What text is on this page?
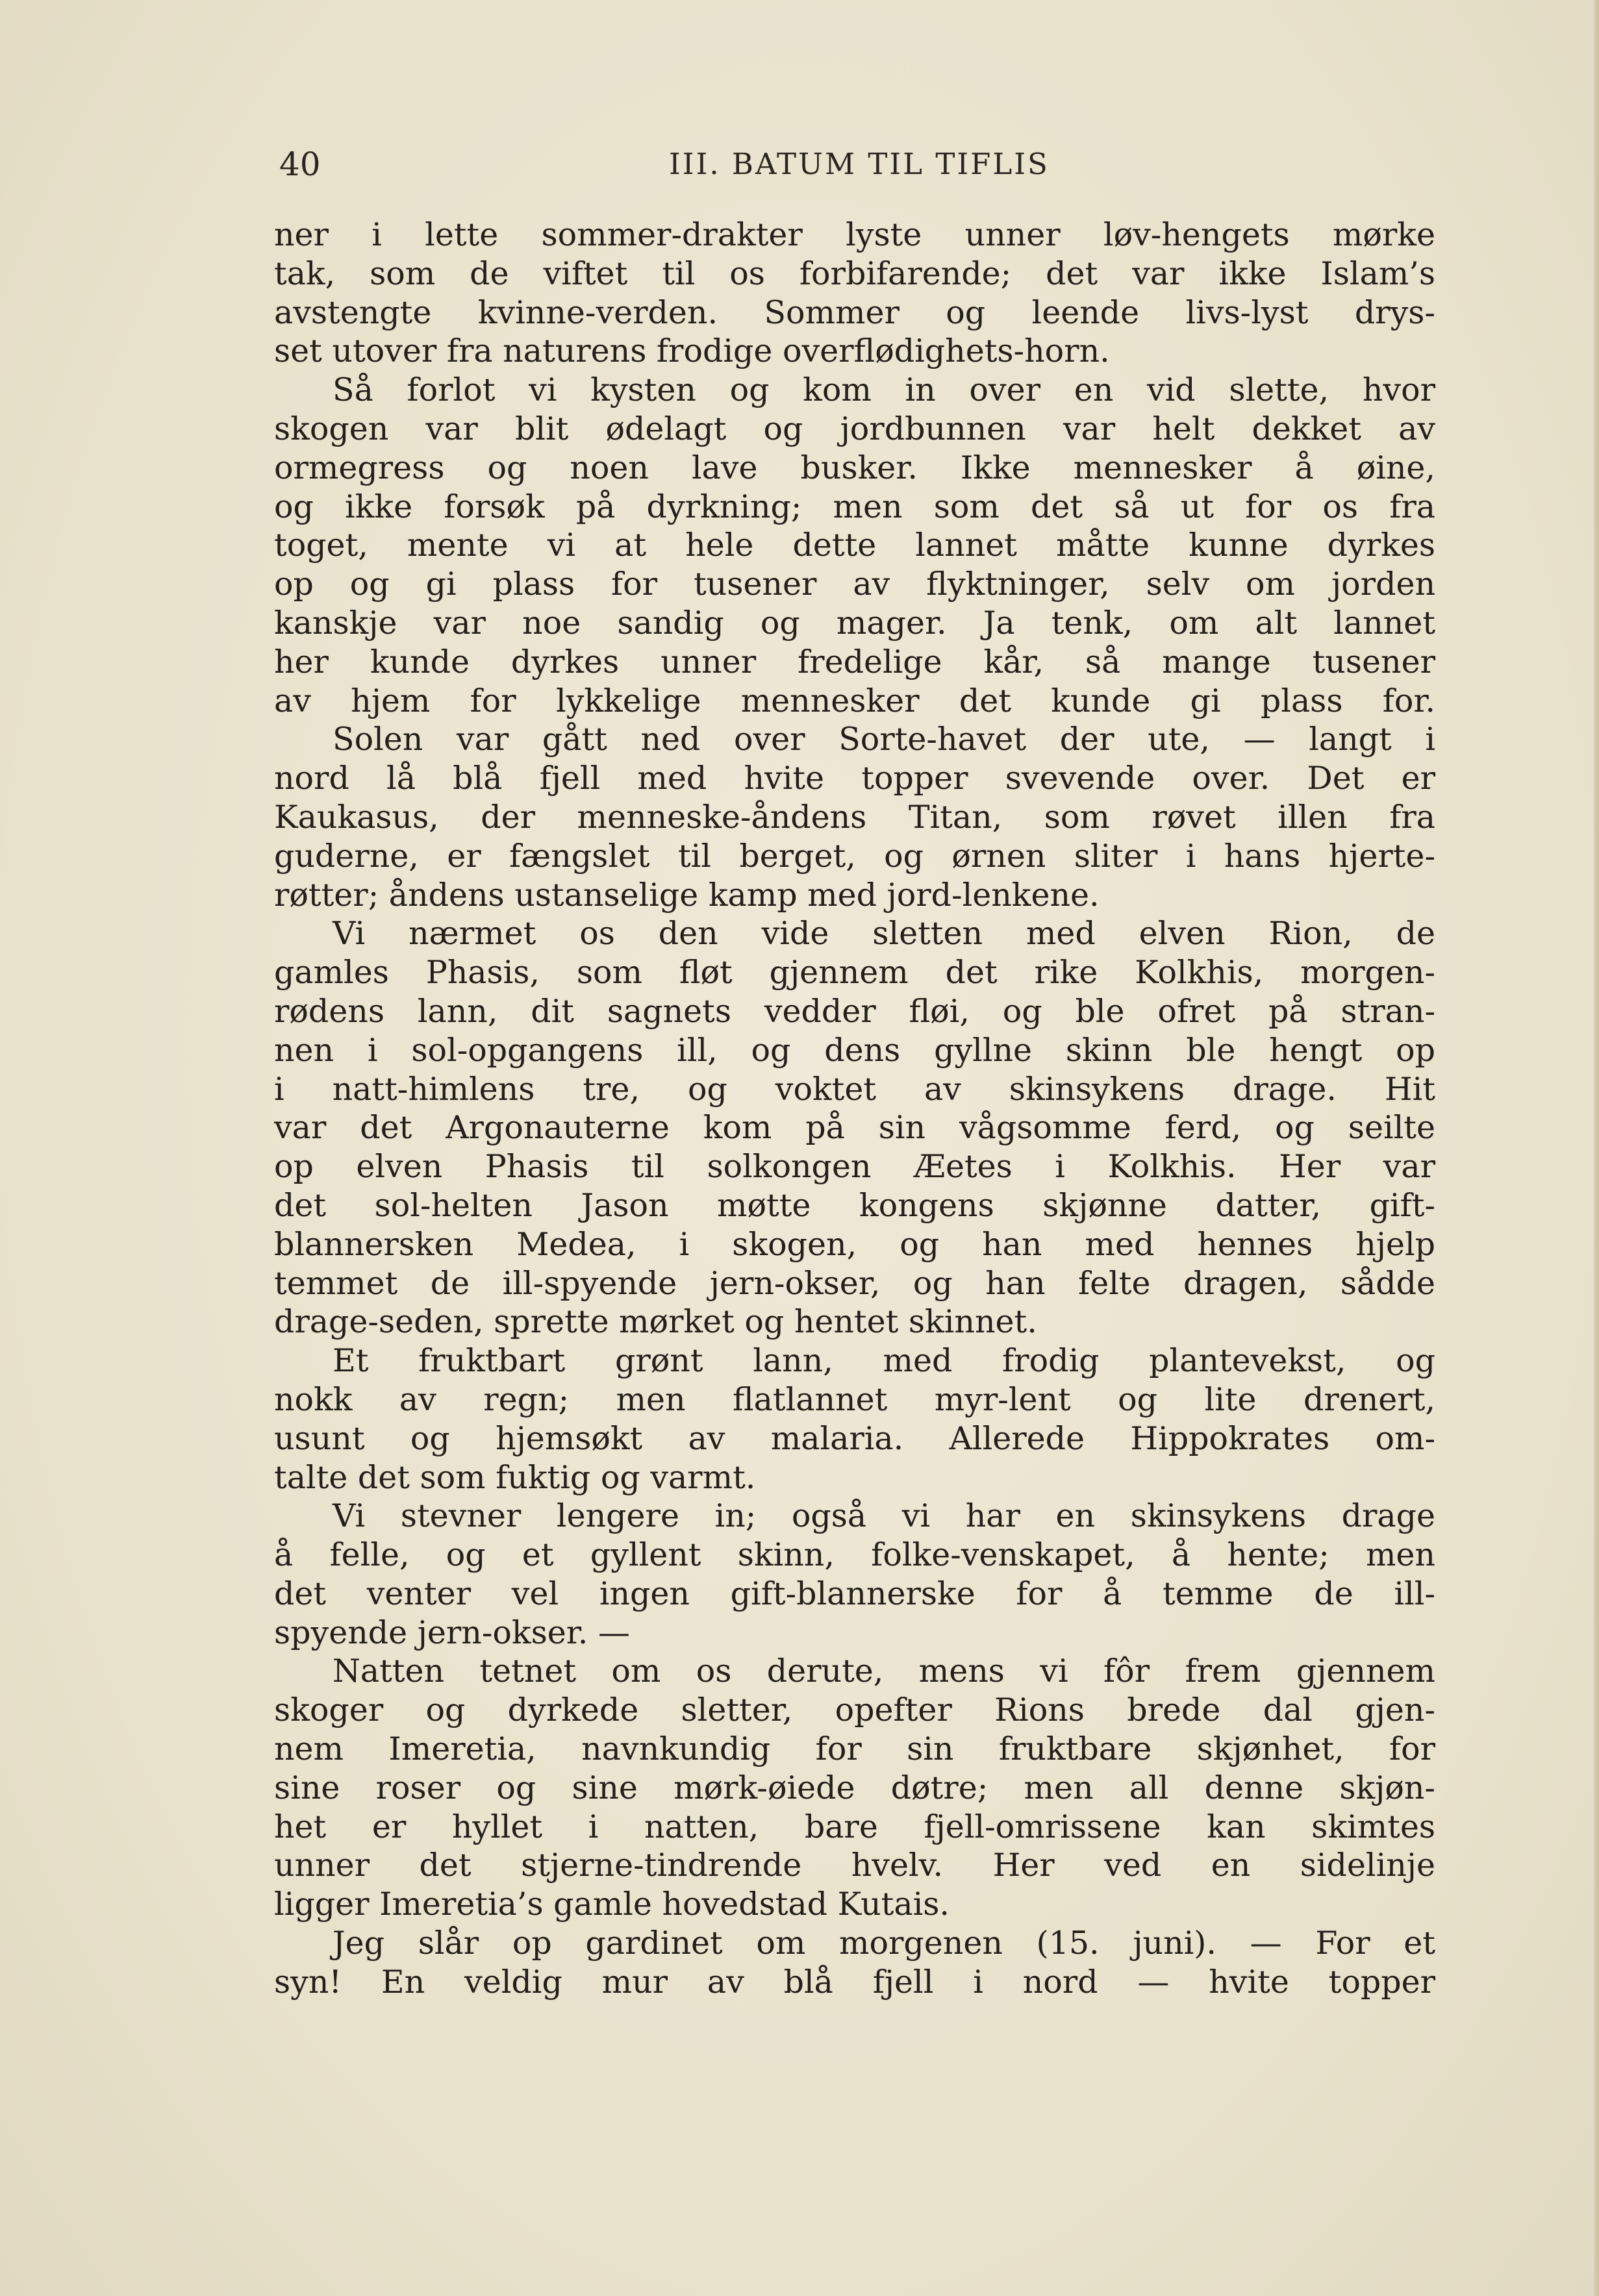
40	III. BATUM TIL TIFLIS
ner i lette sommer-drakter lyste unner løv-hengets mørke
tak, som de viftet til os forbifarende; det var ikke Islam’s
avstengte kvinne-verden. Sommer og leende livs-lyst drys-
set utover fra naturens frodige overflødighets-horn.
Så forlot vi kysten og kom in over en vid slette, hvor
skogen var blit ødelagt og jordbunnen var helt dekket av
ormegress og noen lave busker. Ikke mennesker å øine,
og ikke forsøk på dyrkning; men som det så ut for os fra
toget, mente vi at hele dette lannet måtte kunne dyrkes
op og gi plass for tusener av flyktninger, selv om jorden
kanskje var noe sandig og mager. Ja tenk, om alt lannet
her kunde dyrkes unner fredelige kår, så mange tusener
av hjem for lykkelige mennesker det kunde gi plass for.
Solen var gått ned over Sorte-havet der ute, — langt i
nord lå blå fjell med hvite topper svevende over. Det er
Kaukasus, der menneske-åndens Titan, som røvet illen fra
guderne, er fængslet til berget, og ørnen sliter i hans hjerte-
røtter; åndens ustanselige kamp med jord-lenkene.
Vi nærmet os den vide sletten med elven Rion, de
gamles Phasis, som fløt gjennem det rike Kolkhis, morgen-
rødens lann, dit sagnets vedder fløi, og ble ofret på stran-
nen i sol-opgangens ill, og dens gyllne skinn ble hengt op
i natt-himlens tre, og voktet av skinsykens drage. Hit
var det Argonauterne kom på sin vågsomme ferd, og seilte
op elven Phasis til solkongen Æetes i Kolkhis. Her var
det sol-helten Jason møtte kongens skjønne datter, gift-
blannersken Medea, i skogen, og han med hennes hjelp
temmet de ill-spyende jern-okser, og han felte dragen, sådde
drage-seden, sprette mørket og hentet skinnet.
Et fruktbart grønt lann, med frodig plantevekst, og
nokk av regn; men flatlannet myr-lent og lite drenert,
usunt og hjemsøkt av malaria. Allerede Hippokrates om-
talte det som fuktig og varmt.
Vi stevner lengere in; også vi har en skinsykens drage
å felle, og et gyllent skinn, folke-venskapet, å hente; men
det venter vel ingen gift-blannerske for å temme de ill-
spyende jern-okser. —
Natten tetnet om os derute, mens vi fôr frem gjennem
skoger og dyrkede sletter, opefter Rions brede dal gjen-
nem Imeretia, navnkundig for sin fruktbare skjønhet, for
sine roser og sine mørk-øiede døtre; men all denne skjøn-
het er hyllet i natten, bare fjell-omrissene kan skimtes
unner det stjerne-tindrende hvelv. Her ved en sidelinje
ligger Imeretia’s gamle hovedstad Kutais.
Jeg slår op gardinet om morgenen (15. juni). — For et
syn! En veldig mur av blå fjell i nord — hvite topper
